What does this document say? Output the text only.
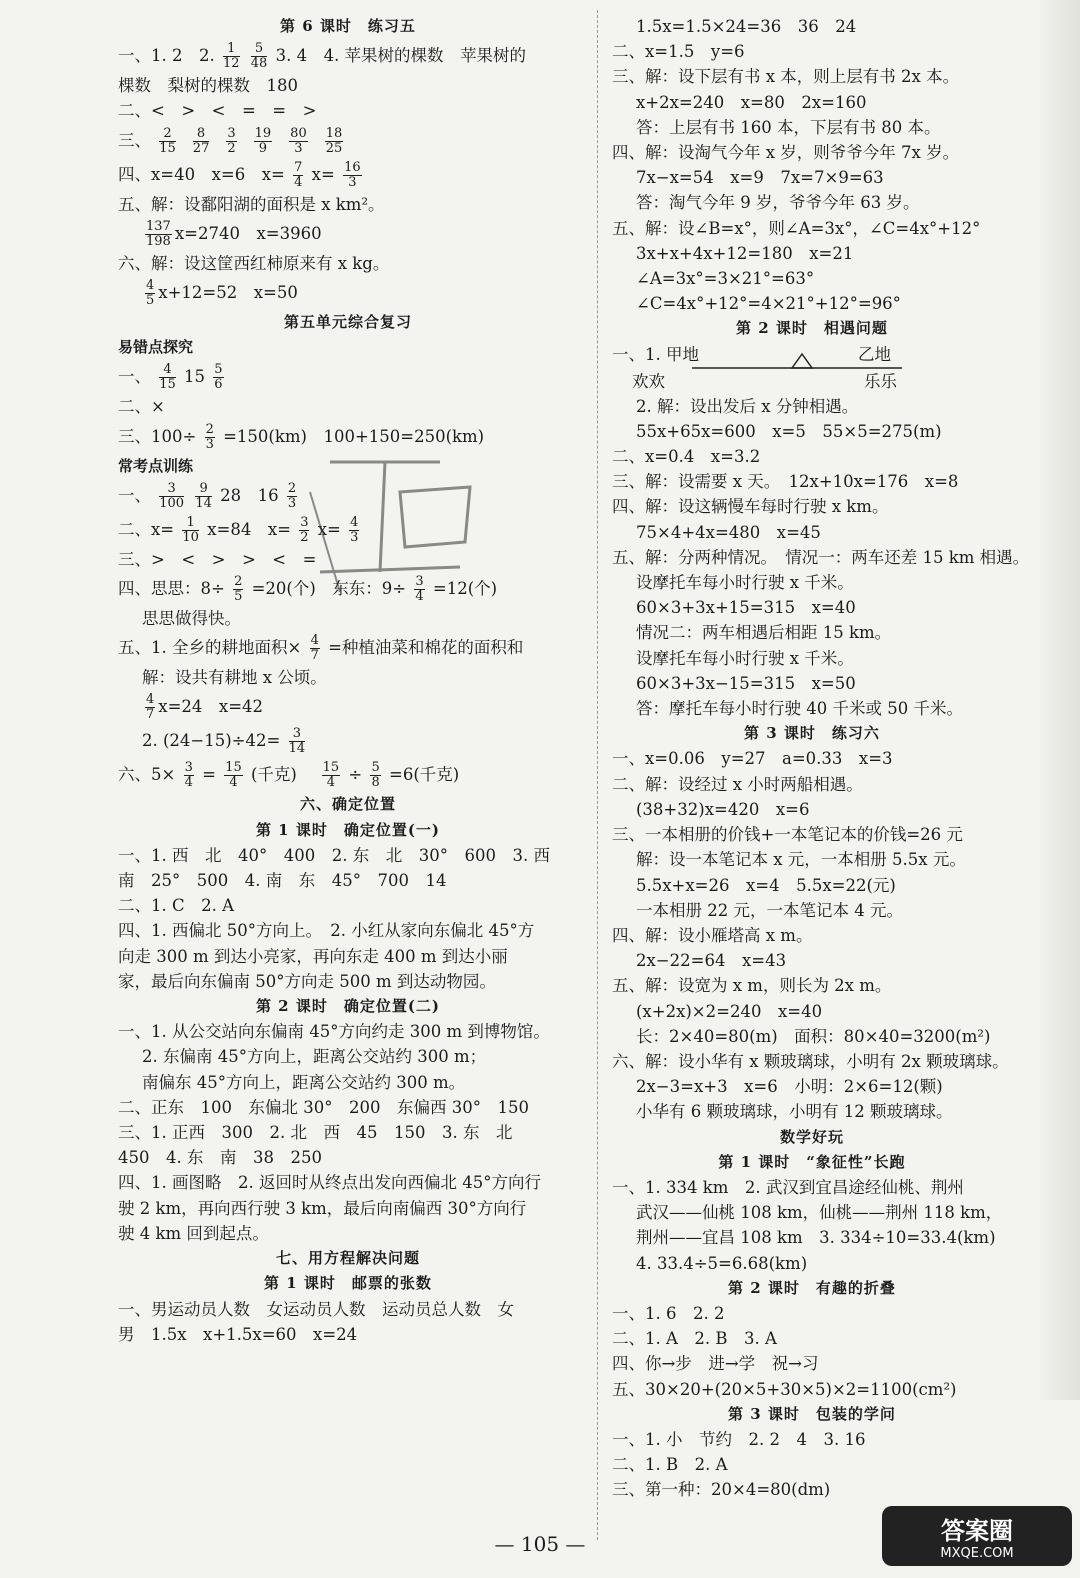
第 6 课时　练习五
一、1. 2　2. $\frac{1}{12}$
$\frac{5}{48} 3$. 4　4. 苹果树的棵数　苹果树的
棵数　梨树的棵数　180
二、<　>　<　=　=　>
三、 $\frac{2}{15} \frac{8}{27} \frac{3}{2} \frac{19}{9} \frac{80}{3} \frac{18}{25}$
四、x=40　x=6　$x= \frac{7}{4} x= \frac{16}{3}$
五、解：设鄱阳湖的面积是 x km²。
$\frac{137}{198} x=2740$　x=3960
六、解：设这筐西红柿原来有 x kg。
$\frac{4}{5} x+12=52$　x=50
第五单元综合复习
易错点探究
一、 $\frac{4}{15} 15 \frac{5}{6}$
二、×
三、$100\div \frac{2}{3} =150(km)$　100+150=250(km)
常考点训练
一、 $\frac{3}{100}$
$\frac{9}{14} 28$　$16 \frac{2}{3}$
二、$x= \frac{1}{10} x=84$　$x= \frac{3}{2} x= \frac{4}{3}$
三、>　<　>　>　<　=
四、思思：$8\div \frac{2}{5} =20$(个)　东东：$9\div \frac{3}{4} =12$(个)
思思做得快。
五、1. 全乡的耕地面积× $\frac{4}{7}$ =种植油菜和棉花的面积和
解：设共有耕地 x 公顷。
$\frac{4}{7} x=24$　x=42
2. $(24-15)\div 42= \frac{3}{14}$
六、$5\times \frac{3}{4} = \frac{15}{4}$ (千克)　 $\frac{15}{4} \div \frac{5}{8} =6$(千克)
六、确定位置
第 1 课时　确定位置(一)
一、1. 西　北　40°　400　2. 东　北　30°　600　3. 西
南　25°　500　4. 南　东　45°　700　14
二、1. C　2. A
四、1. 西偏北 50°方向上。　2. 小红从家向东偏北 45°方
向走 300 m 到达小亮家，再向东走 400 m 到达小丽
家，最后向东偏南 50°方向走 500 m 到达动物园。
第 2 课时　确定位置(二)
一、1. 从公交站向东偏南 45°方向约走 300 m 到博物馆。
2. 东偏南 45°方向上，距离公交站约 300 m；
南偏东 45°方向上，距离公交站约 300 m。
二、正东　100　东偏北 30°　200　东偏西 30°　150
三、1. 正西　300　2. 北　西　45　150　3. 东　北
450　4. 东　南　38　250
四、1. 画图略　2. 返回时从终点出发向西偏北 45°方向行
驶 2 km，再向西行驶 3 km，最后向南偏西 30°方向行
驶 4 km 回到起点。
七、用方程解决问题
第 1 课时　邮票的张数
一、男运动员人数　女运动员人数　运动员总人数　女
男　1.5x　x+1.5x=60　x=24
1.5x=1.5×24=36　36　24
二、x=1.5　y=6
三、解：设下层有书 x 本，则上层有书 2x 本。
x+2x=240　x=80　2x=160
答：上层有书 160 本，下层有书 80 本。
四、解：设淘气今年 x 岁，则爷爷今年 7x 岁。
7x−x=54　x=9　7x=7×9=63
答：淘气今年 9 岁，爷爷今年 63 岁。
五、解：设∠B=x°，则∠A=3x°，∠C=4x°+12°
3x+x+4x+12=180　x=21
∠A=3x°=3×21°=63°
∠C=4x°+12°=4×21°+12°=96°
第 2 课时　相遇问题
一、1. 甲地	乙地
欢欢	乐乐
2. 解：设出发后 x 分钟相遇。
55x+65x=600　x=5　55×5=275(m)
二、x=0.4　x=3.2
三、解：设需要 x 天。　12x+10x=176　x=8
四、解：设这辆慢车每时行驶 x km。
75×4+4x=480　x=45
五、解：分两种情况。　情况一：两车还差 15 km 相遇。
设摩托车每小时行驶 x 千米。
60×3+3x+15=315　x=40
情况二：两车相遇后相距 15 km。
设摩托车每小时行驶 x 千米。
60×3+3x−15=315　x=50
答：摩托车每小时行驶 40 千米或 50 千米。
第 3 课时　练习六
一、x=0.06　y=27　a=0.33　x=3
二、解：设经过 x 小时两船相遇。
(38+32)x=420　x=6
三、一本相册的价钱+一本笔记本的价钱=26 元
解：设一本笔记本 x 元，一本相册 5.5x 元。
5.5x+x=26　x=4　5.5x=22(元)
一本相册 22 元，一本笔记本 4 元。
四、解：设小雁塔高 x m。
2x−22=64　x=43
五、解：设宽为 x m，则长为 2x m。
(x+2x)×2=240　x=40
长：2×40=80(m)　面积：80×40=3200(m²)
六、解：设小华有 x 颗玻璃球，小明有 2x 颗玻璃球。
2x−3=x+3　x=6　小明：2×6=12(颗)
小华有 6 颗玻璃球，小明有 12 颗玻璃球。
数学好玩
第 1 课时　“象征性”长跑
一、1. 334 km　2. 武汉到宜昌途经仙桃、荆州
武汉——仙桃 108 km，仙桃——荆州 118 km，
荆州——宜昌 108 km　3. 334÷10=33.4(km)
4. 33.4÷5=6.68(km)
第 2 课时　有趣的折叠
一、1. 6　2. 2
二、1. A　2. B　3. A
四、你→步　进→学　祝→习
五、30×20+(20×5+30×5)×2=1100(cm²)
第 3 课时　包装的学问
一、1. 小　节约　2. 2　4　3. 16
二、1. B　2. A
三、第一种：20×4=80(dm)
— 105 —	答案圈
MXQE.COM
